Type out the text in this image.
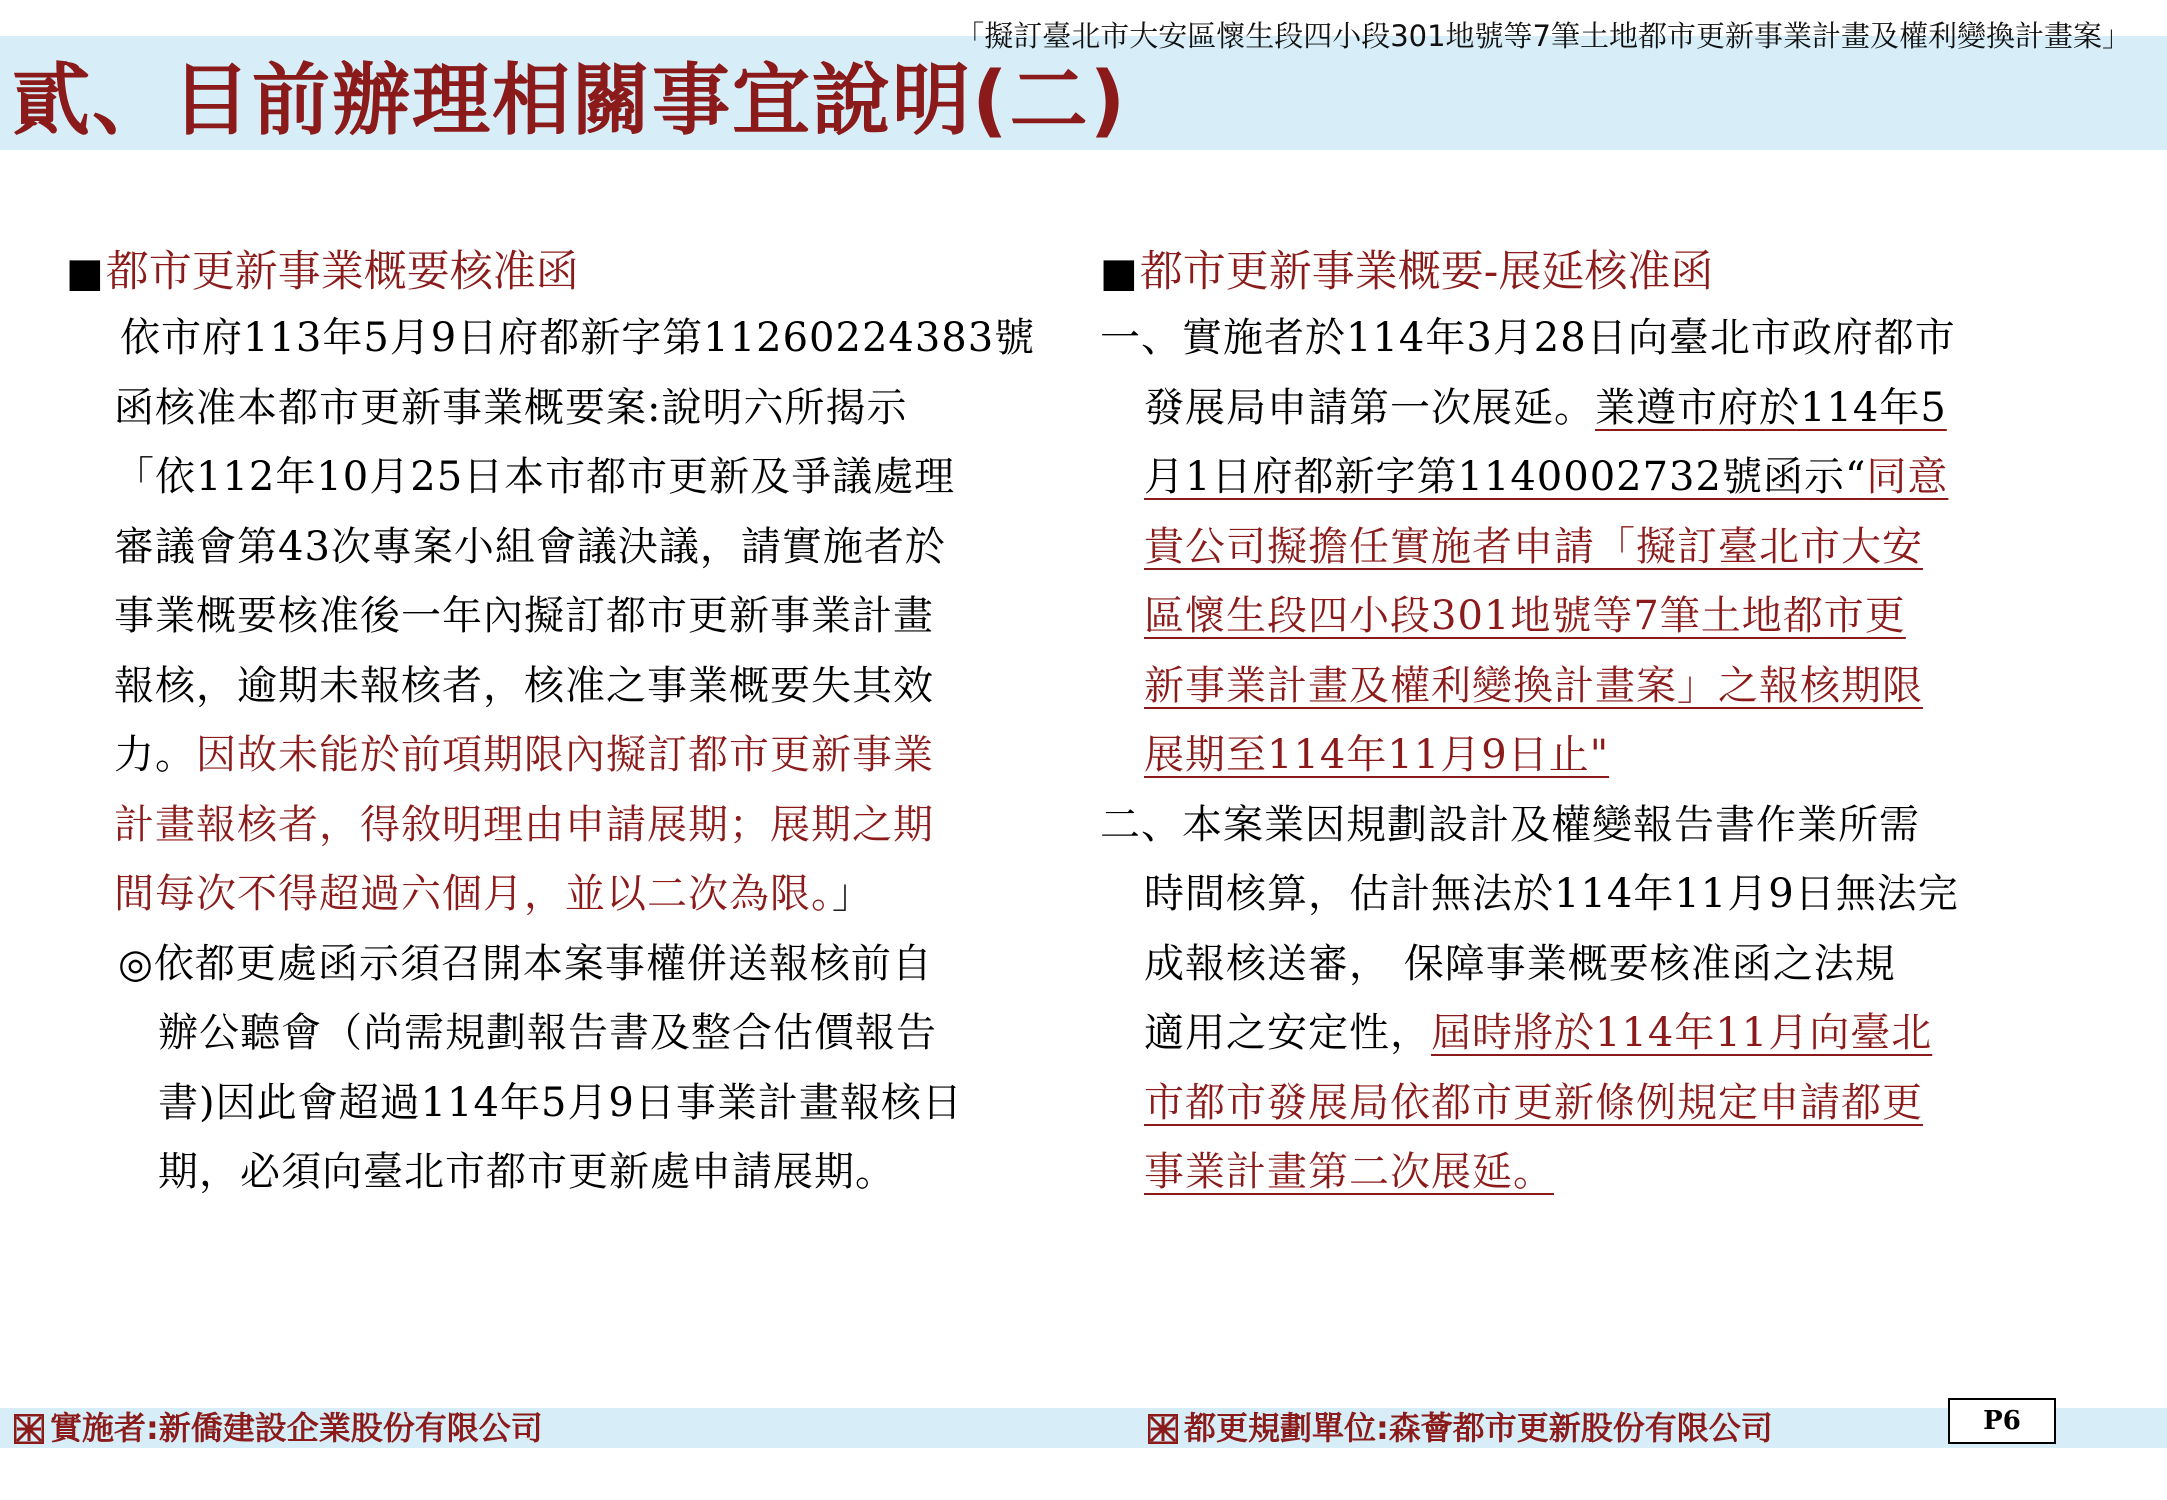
「擬訂臺北市大安區懷生段四小段301地號等7筆土地都市更新事業計畫及權利變換計畫案」
貳、目前辦理相關事宜說明(二)
■都市更新事業概要核准函
依市府113年5月9日府都新字第11260224383號
函核准本都市更新事業概要案:說明六所揭示
「依112年10月25日本市都市更新及爭議處理
審議會第43次專案小組會議決議，請實施者於
事業概要核准後一年內擬訂都市更新事業計畫
報核，逾期未報核者，核准之事業概要失其效
力。因故未能於前項期限內擬訂都市更新事業
計畫報核者，得敘明理由申請展期；展期之期
間每次不得超過六個月，並以二次為限。」
◎依都更處函示須召開本案事權併送報核前自
辦公聽會（尚需規劃報告書及整合估價報告
書)因此會超過114年5月9日事業計畫報核日
期，必須向臺北市都市更新處申請展期。
■都市更新事業概要-展延核准函
一、實施者於114年3月28日向臺北市政府都市
發展局申請第一次展延。業遵市府於114年5
月1日府都新字第1140002732號函示“同意
貴公司擬擔任實施者申請「擬訂臺北市大安
區懷生段四小段301地號等7筆土地都市更
新事業計畫及權利變換計畫案」之報核期限
展期至114年11月9日止"
二、本案業因規劃設計及權變報告書作業所需
時間核算，估計無法於114年11月9日無法完
成報核送審， 保障事業概要核准函之法規
適用之安定性，屆時將於114年11月向臺北
市都市發展局依都市更新條例規定申請都更
事業計畫第二次展延。
實施者:新僑建設企業股份有限公司	都更規劃單位:森薈都市更新股份有限公司	P6
